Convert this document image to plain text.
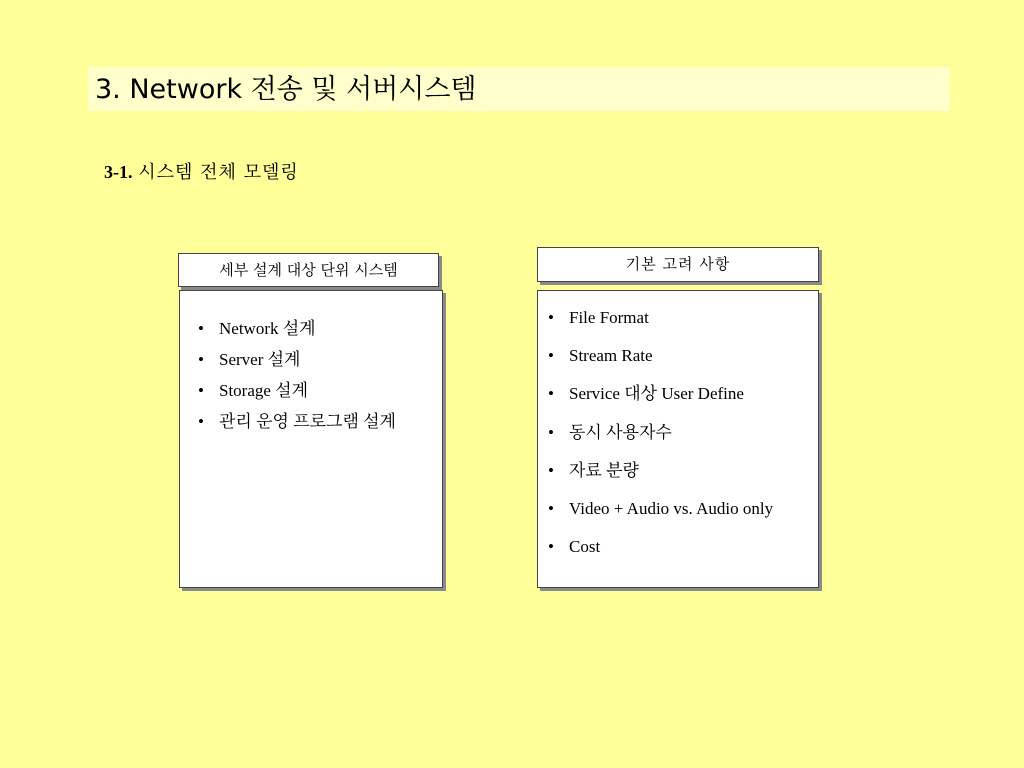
3. Network 전송 및 서버시스템
3-1. 시스템 전체 모델링
세부 설계 대상 단위 시스템
• Network 설계
• Server 설계
• Storage 설계
• 관리 운영 프로그램 설계
기본 고려 사항
• File Format
• Stream Rate
• Service 대상 User Define
• 동시 사용자수
• 자료 분량
• Video + Audio vs. Audio only
• Cost
